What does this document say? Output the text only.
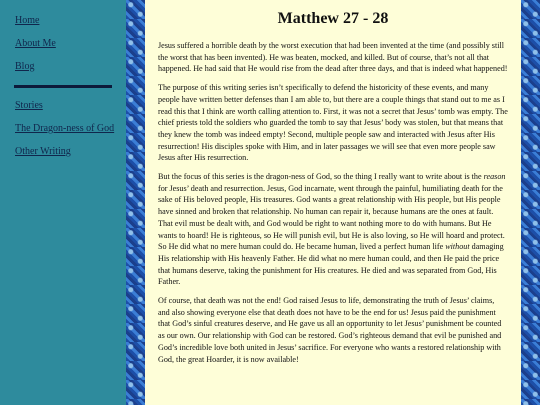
Home
About Me
Blog
Stories
The Dragon-ness of God
Other Writing
Matthew 27 - 28

Jesus suffered a horrible death by the worst execution that had been invented at the time (and possibly still the worst that has been invented). He was beaten, mocked, and killed. But of course, that’s not all that happened. He had said that He would rise from the dead after three days, and that is indeed what happened!

The purpose of this writing series isn’t specifically to defend the historicity of these events, and many people have written better defenses than I am able to, but there are a couple things that stand out to me as I read this that I think are worth calling attention to. First, it was not a secret that Jesus’ tomb was empty. The chief priests told the soldiers who guarded the tomb to say that Jesus’ body was stolen, but that means that they knew the tomb was indeed empty! Second, multiple people saw and interacted with Jesus after His resurrection! His disciples spoke with Him, and in later passages we will see that even more people saw Jesus after His resurrection.

But the focus of this series is the dragon-ness of God, so the thing I really want to write about is the reason for Jesus’ death and resurrection. Jesus, God incarnate, went through the painful, humiliating death for the sake of His beloved people, His treasures. God wants a great relationship with His people, but His people have sinned and broken that relationship. No human can repair it, because humans are the ones at fault. That evil must be dealt with, and God would be right to want nothing more to do with humans. But He wants to hoard! He is righteous, so He will punish evil, but He is also loving, so He will hoard and protect. So He did what no mere human could do. He became human, lived a perfect human life without damaging His relationship with His heavenly Father. He did what no mere human could, and then He paid the price that humans deserve, taking the punishment for His creatures. He died and was separated from God, His Father.

Of course, that death was not the end! God raised Jesus to life, demonstrating the truth of Jesus’ claims, and also showing everyone else that death does not have to be the end for us! Jesus paid the punishment that God’s sinful creatures deserve, and He gave us all an opportunity to let Jesus’ punishment be counted as our own. Our relationship with God can be restored. God’s righteous demand that evil be punished and God’s incredible love both united in Jesus’ sacrifice. For everyone who wants a restored relationship with God, the great Hoarder, it is now available!
